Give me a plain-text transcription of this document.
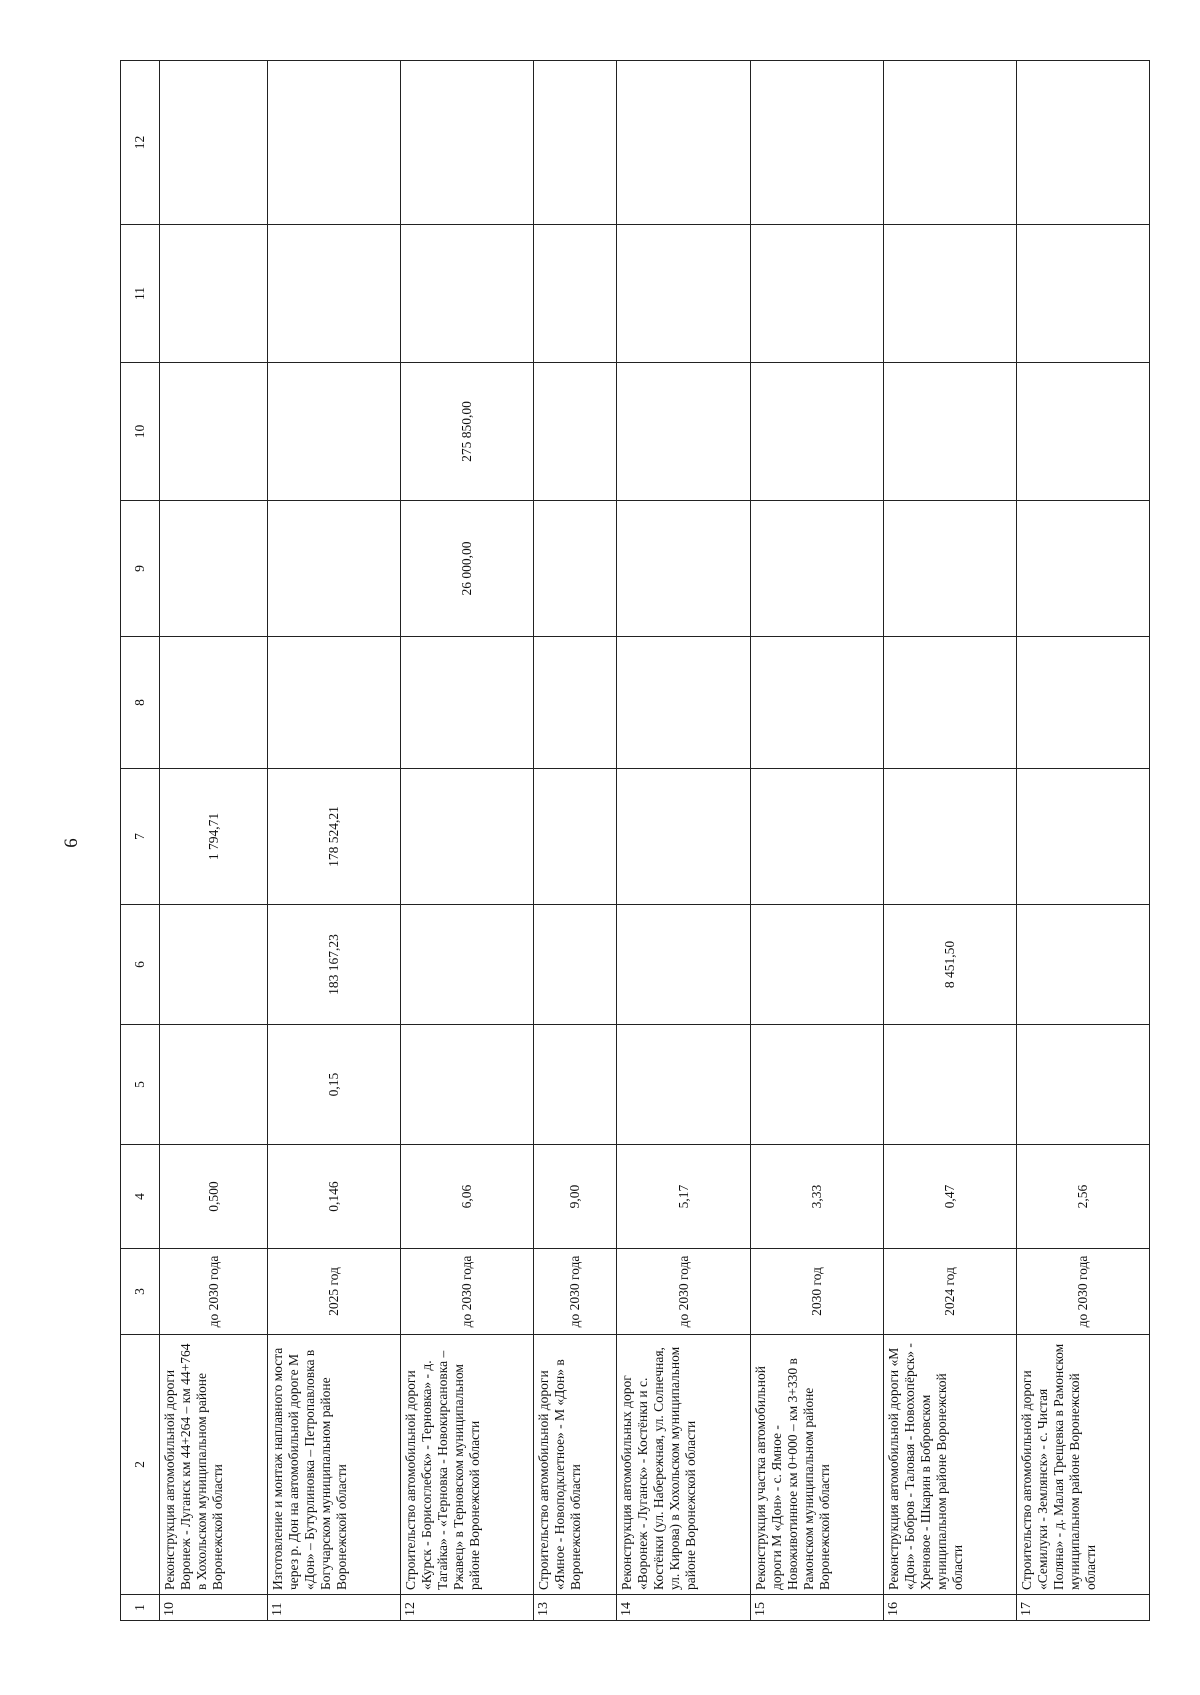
6
1	2	3	4	5	6	7	8	9	10	11	12
10	Реконструкция автомобильной дороги Воронеж - Луганск км 44+264 – км 44+764 в Хохольском муниципальном районе Воронежской области	до 2030 года	0,500			1 794,71					
11	Изготовление и монтаж наплавного моста через р. Дон на автомобильной дороге М «Дон» – Бутурлиновка – Петропавловка в Богучарском муниципальном районе Воронежской области	2025 год	0,146	0,15	183 167,23	178 524,21					
12	Строительство автомобильной дороги «Курск - Борисоглебск» - Терновка» - д. Тагайка» - «Терновка - Новокирсановка – Ржавец» в Терновском муниципальном районе Воронежской области	до 2030 года	6,06					26 000,00	275 850,00		
13	Строительство автомобильной дороги «Ямное - Новоподклетное» - М «Дон» в Воронежской области	до 2030 года	9,00								
14	Реконструкция автомобильных дорог «Воронеж - Луганск» - Костёнки и с. Костёнки (ул. Набережная, ул. Солнечная, ул. Кирова) в Хохольском муниципальном районе Воронежской области	до 2030 года	5,17								
15	Реконструкция участка автомобильной дороги М «Дон» - с. Ямное - Новоживотинное км 0+000 – км 3+330 в Рамонском муниципальном районе Воронежской области	2030 год	3,33								
16	Реконструкция автомобильной дороги «М «Дон» - Бобров - Таловая - Новохопёрск» - Хреновое - Шкарин в Бобровском муниципальном районе Воронежской области	2024 год	0,47		8 451,50						
17	Строительство автомобильной дороги «Семилуки - Землянск» - с. Чистая Поляна» - д. Малая Трещевка в Рамонском муниципальном районе Воронежской области	до 2030 года	2,56								
